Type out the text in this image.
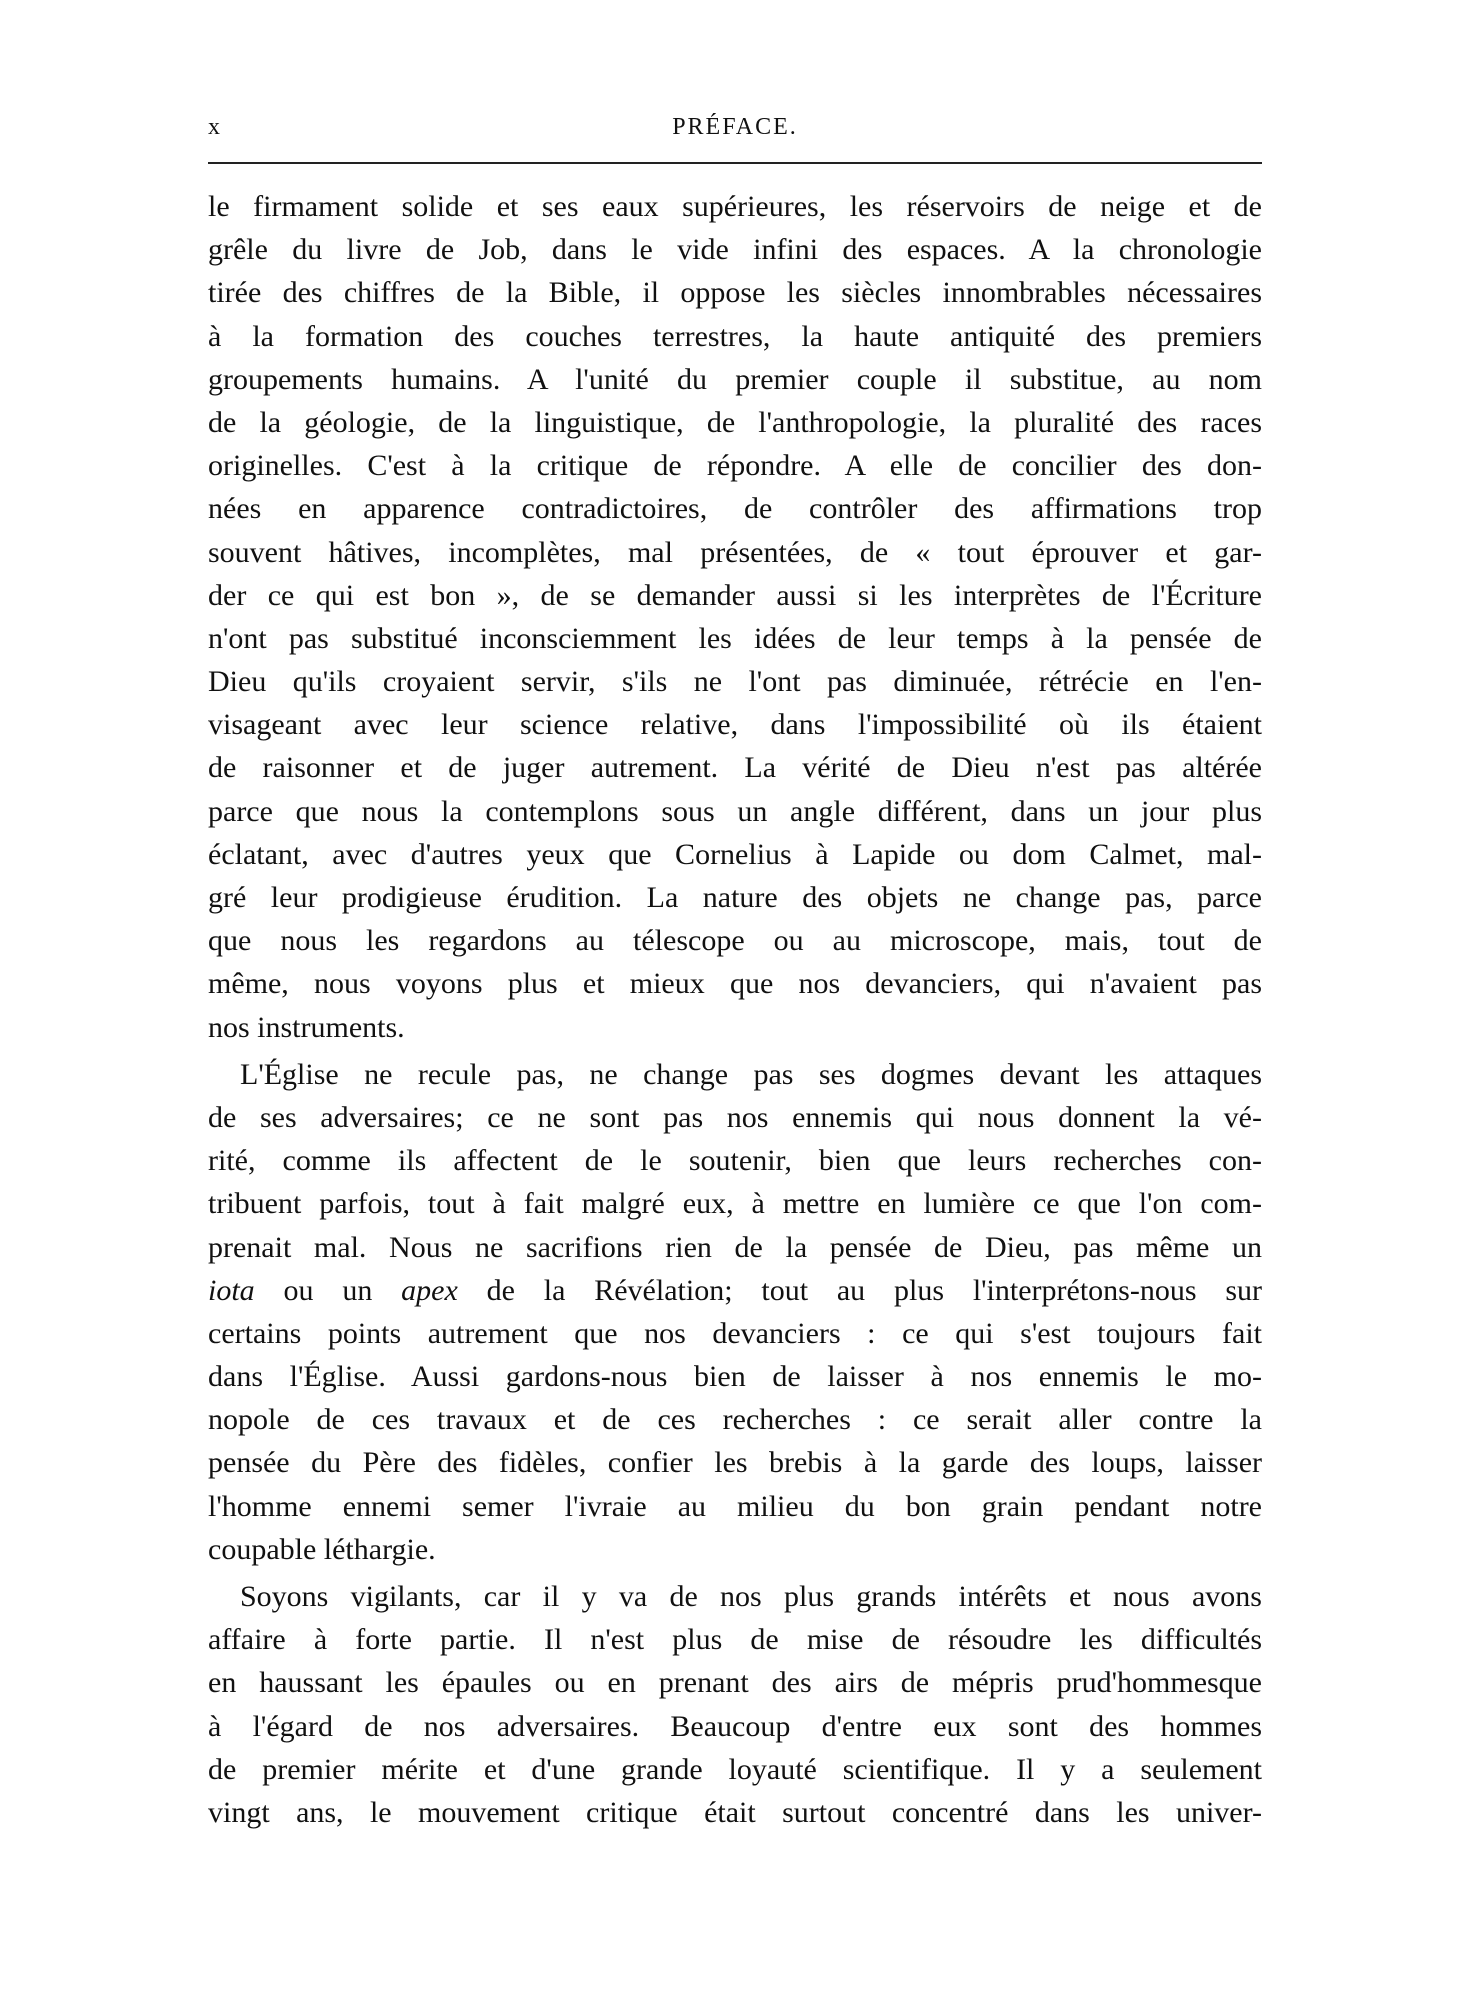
x	PRÉFACE.
le firmament solide et ses eaux supérieures, les réservoirs de neige et de
grêle du livre de Job, dans le vide infini des espaces. A la chronologie
tirée des chiffres de la Bible, il oppose les siècles innombrables nécessaires
à la formation des couches terrestres, la haute antiquité des premiers
groupements humains. A l'unité du premier couple il substitue, au nom
de la géologie, de la linguistique, de l'anthropologie, la pluralité des races
originelles. C'est à la critique de répondre. A elle de concilier des don-
nées en apparence contradictoires, de contrôler des affirmations trop
souvent hâtives, incomplètes, mal présentées, de « tout éprouver et gar-
der ce qui est bon », de se demander aussi si les interprètes de l'Écriture
n'ont pas substitué inconsciemment les idées de leur temps à la pensée de
Dieu qu'ils croyaient servir, s'ils ne l'ont pas diminuée, rétrécie en l'en-
visageant avec leur science relative, dans l'impossibilité où ils étaient
de raisonner et de juger autrement. La vérité de Dieu n'est pas altérée
parce que nous la contemplons sous un angle différent, dans un jour plus
éclatant, avec d'autres yeux que Cornelius à Lapide ou dom Calmet, mal-
gré leur prodigieuse érudition. La nature des objets ne change pas, parce
que nous les regardons au télescope ou au microscope, mais, tout de
même, nous voyons plus et mieux que nos devanciers, qui n'avaient pas
nos instruments.
L'Église ne recule pas, ne change pas ses dogmes devant les attaques
de ses adversaires; ce ne sont pas nos ennemis qui nous donnent la vé-
rité, comme ils affectent de le soutenir, bien que leurs recherches con-
tribuent parfois, tout à fait malgré eux, à mettre en lumière ce que l'on com-
prenait mal. Nous ne sacrifions rien de la pensée de Dieu, pas même un
iota ou un apex de la Révélation; tout au plus l'interprétons-nous sur
certains points autrement que nos devanciers : ce qui s'est toujours fait
dans l'Église. Aussi gardons-nous bien de laisser à nos ennemis le mo-
nopole de ces travaux et de ces recherches : ce serait aller contre la
pensée du Père des fidèles, confier les brebis à la garde des loups, laisser
l'homme ennemi semer l'ivraie au milieu du bon grain pendant notre
coupable léthargie.
Soyons vigilants, car il y va de nos plus grands intérêts et nous avons
affaire à forte partie. Il n'est plus de mise de résoudre les difficultés
en haussant les épaules ou en prenant des airs de mépris prud'hommesque
à l'égard de nos adversaires. Beaucoup d'entre eux sont des hommes
de premier mérite et d'une grande loyauté scientifique. Il y a seulement
vingt ans, le mouvement critique était surtout concentré dans les univer-
